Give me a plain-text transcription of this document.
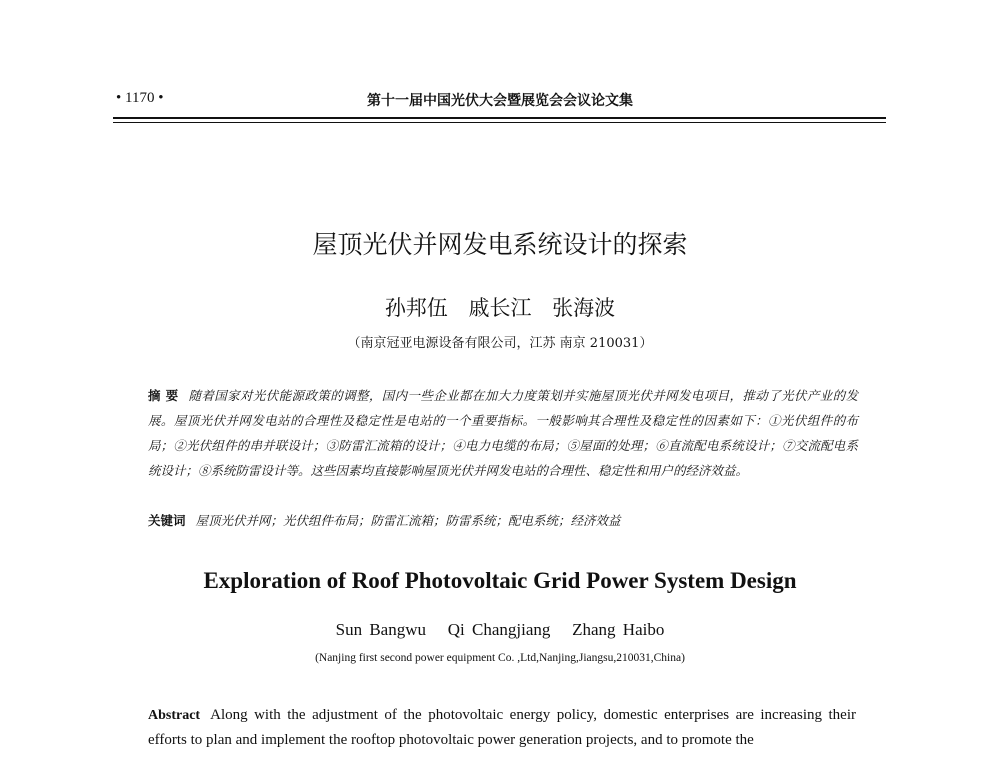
• 1170 •	第十一届中国光伏大会暨展览会会议论文集
屋顶光伏并网发电系统设计的探索
孙邦伍 戚长江 张海波
（南京冠亚电源设备有限公司，江苏 南京 210031）
摘 要 随着国家对光伏能源政策的调整，国内一些企业都在加大力度策划并实施屋顶光伏并网发电项目，推动了光伏产业的发展。屋顶光伏并网发电站的合理性及稳定性是电站的一个重要指标。一般影响其合理性及稳定性的因素如下：①光伏组件的布局；②光伏组件的串并联设计；③防雷汇流箱的设计；④电力电缆的布局；⑤屋面的处理；⑥直流配电系统设计；⑦交流配电系统设计；⑧系统防雷设计等。这些因素均直接影响屋顶光伏并网发电站的合理性、稳定性和用户的经济效益。
关键词 屋顶光伏并网；光伏组件布局；防雷汇流箱；防雷系统；配电系统；经济效益
Exploration of Roof Photovoltaic Grid Power System Design
Sun Bangwu   Qi Changjiang   Zhang Haibo
(Nanjing first second power equipment Co. ,Ltd,Nanjing,Jiangsu,210031,China)
Abstract Along with the adjustment of the photovoltaic energy policy, domestic enterprises are increasing their efforts to plan and implement the rooftop photovoltaic power generation projects, and to promote the
